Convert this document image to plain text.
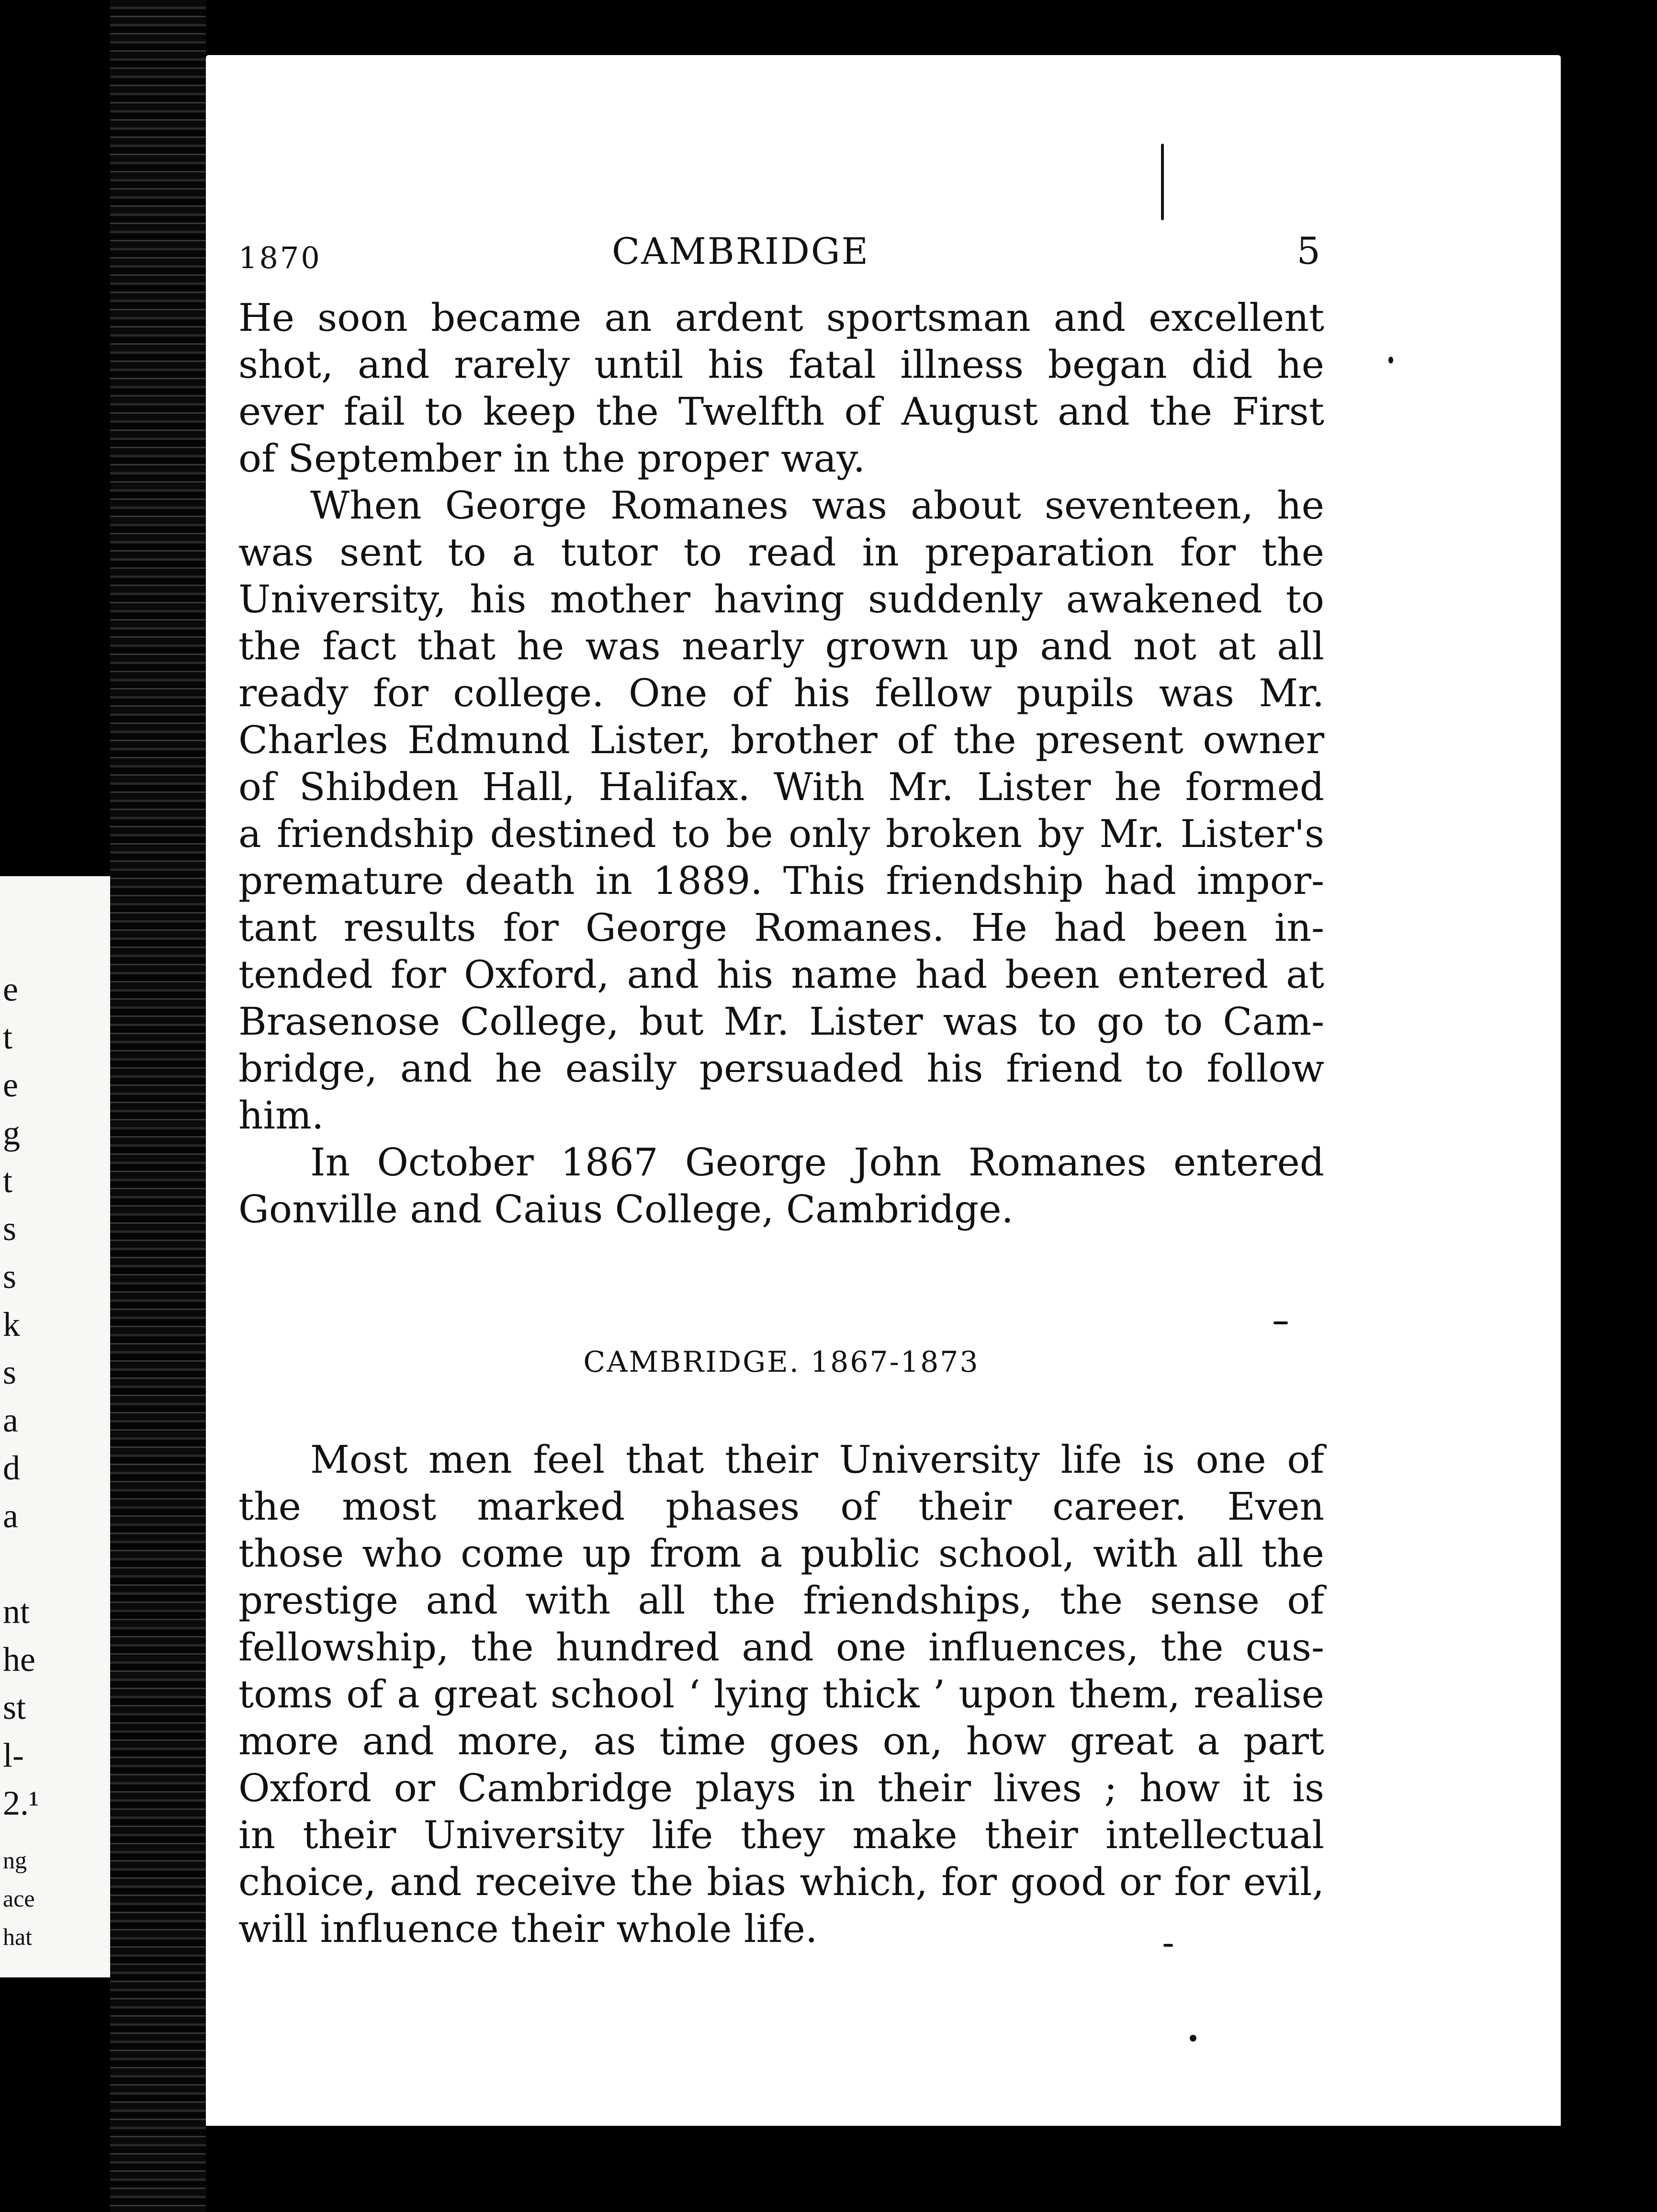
e
t
e
g
t
s
s
k
s
a
d
a
nt
he
st
l-
2.¹
ng
ace
hat
1870	CAMBRIDGE	5
He soon became an ardent sportsman and excellent
shot, and rarely until his fatal illness began did he
ever fail to keep the Twelfth of August and the First
of September in the proper way.
When George Romanes was about seventeen, he
was sent to a tutor to read in preparation for the
University, his mother having suddenly awakened to
the fact that he was nearly grown up and not at all
ready for college. One of his fellow pupils was Mr.
Charles Edmund Lister, brother of the present owner
of Shibden Hall, Halifax. With Mr. Lister he formed
a friendship destined to be only broken by Mr. Lister's
premature death in 1889. This friendship had impor-
tant results for George Romanes. He had been in-
tended for Oxford, and his name had been entered at
Brasenose College, but Mr. Lister was to go to Cam-
bridge, and he easily persuaded his friend to follow
him.
In October 1867 George John Romanes entered
Gonville and Caius College, Cambridge.
CAMBRIDGE. 1867-1873
Most men feel that their University life is one of
the most marked phases of their career. Even
those who come up from a public school, with all the
prestige and with all the friendships, the sense of
fellowship, the hundred and one influences, the cus-
toms of a great school ‘ lying thick ’ upon them, realise
more and more, as time goes on, how great a part
Oxford or Cambridge plays in their lives ; how it is
in their University life they make their intellectual
choice, and receive the bias which, for good or for evil,
will influence their whole life.
